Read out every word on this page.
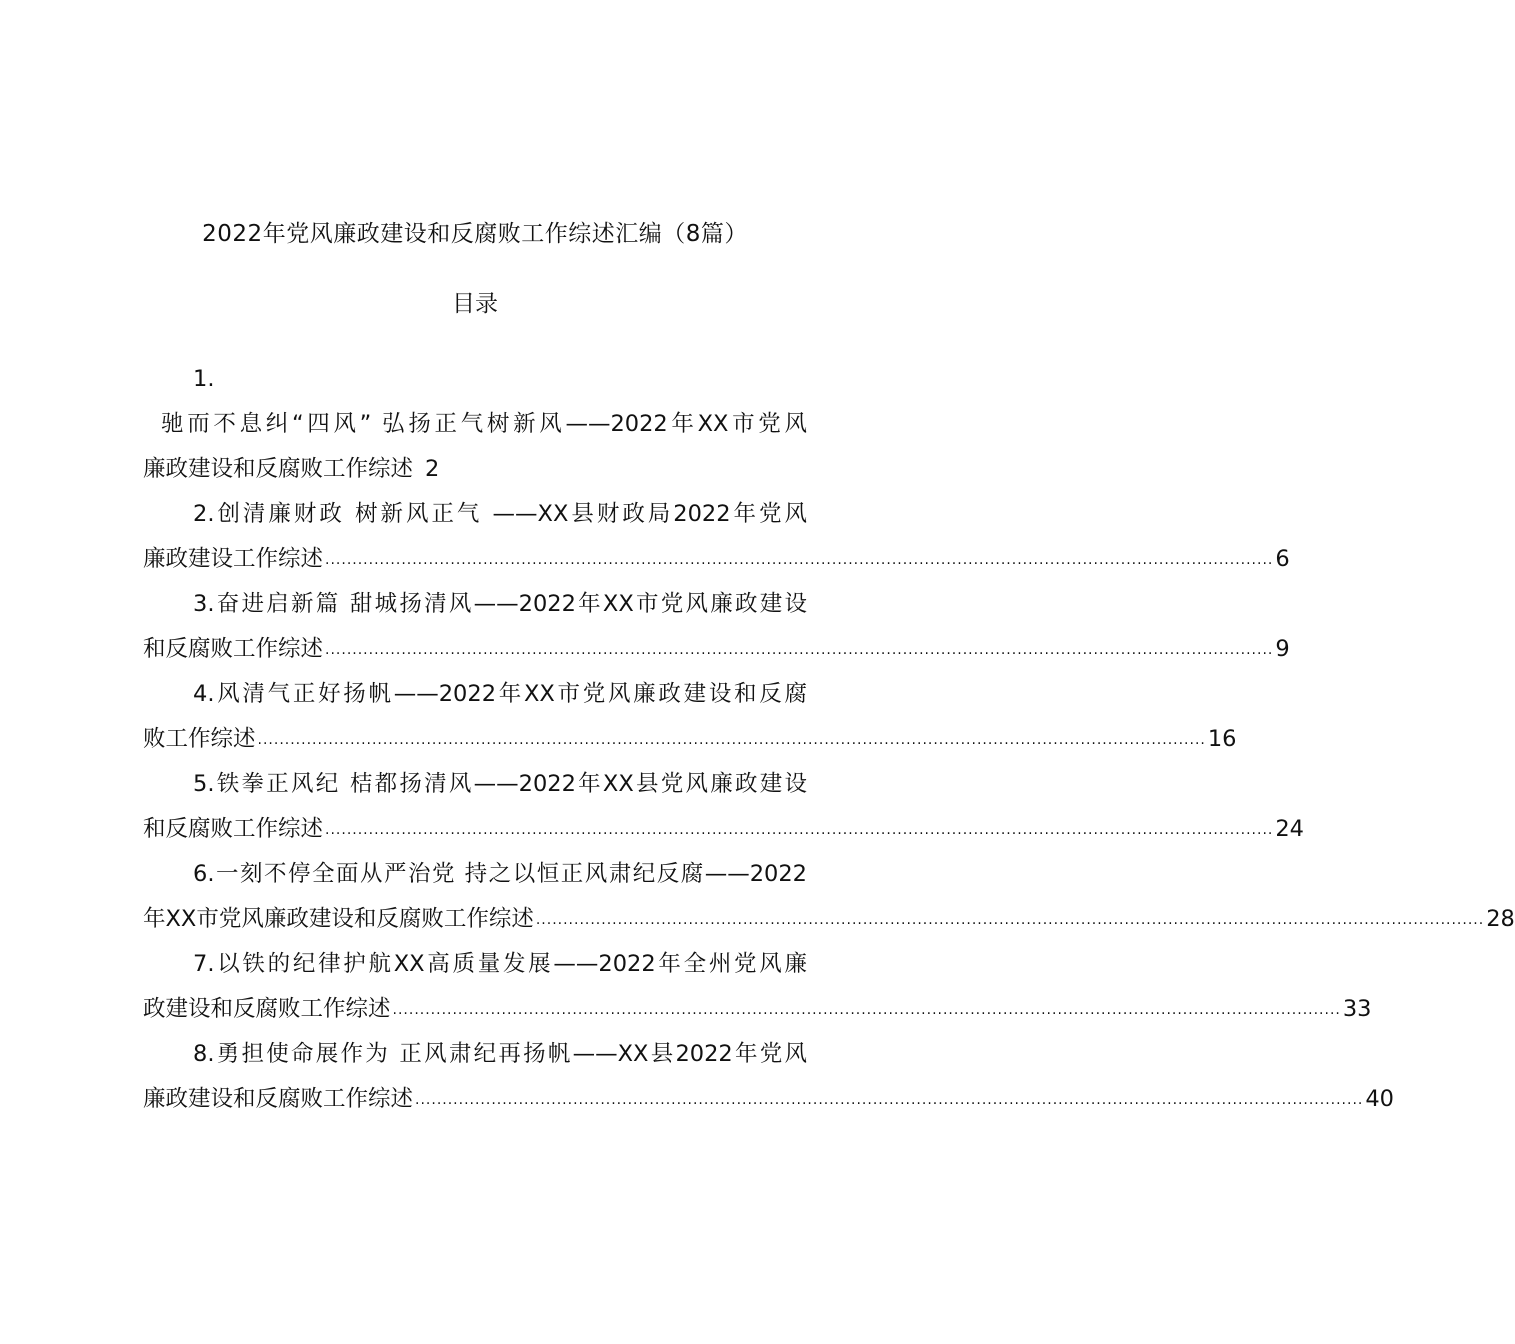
2022年党风廉政建设和反腐败工作综述汇编（8篇）
目录
1.
驰而不息纠“四风” 弘扬正气树新风——2022年XX市党风
廉政建设和反腐败工作综述 2
2.创清廉财政 树新风正气 ——XX县财政局2022年党风
廉政建设工作综述 .............................................................................................................................................................................. 6
3.奋进启新篇 甜城扬清风——2022年XX市党风廉政建设
和反腐败工作综述 .............................................................................................................................................................................. 9
4.风清气正好扬帆——2022年XX市党风廉政建设和反腐
败工作综述 .............................................................................................................................................................................. 16
5.铁拳正风纪 桔都扬清风——2022年XX县党风廉政建设
和反腐败工作综述 .............................................................................................................................................................................. 24
6.一刻不停全面从严治党 持之以恒正风肃纪反腐——2022
年XX市党风廉政建设和反腐败工作综述 .............................................................................................................................................................................. 28
7.以铁的纪律护航XX高质量发展——2022年全州党风廉
政建设和反腐败工作综述 .............................................................................................................................................................................. 33
8.勇担使命展作为 正风肃纪再扬帆——XX县2022年党风
廉政建设和反腐败工作综述 .............................................................................................................................................................................. 40
